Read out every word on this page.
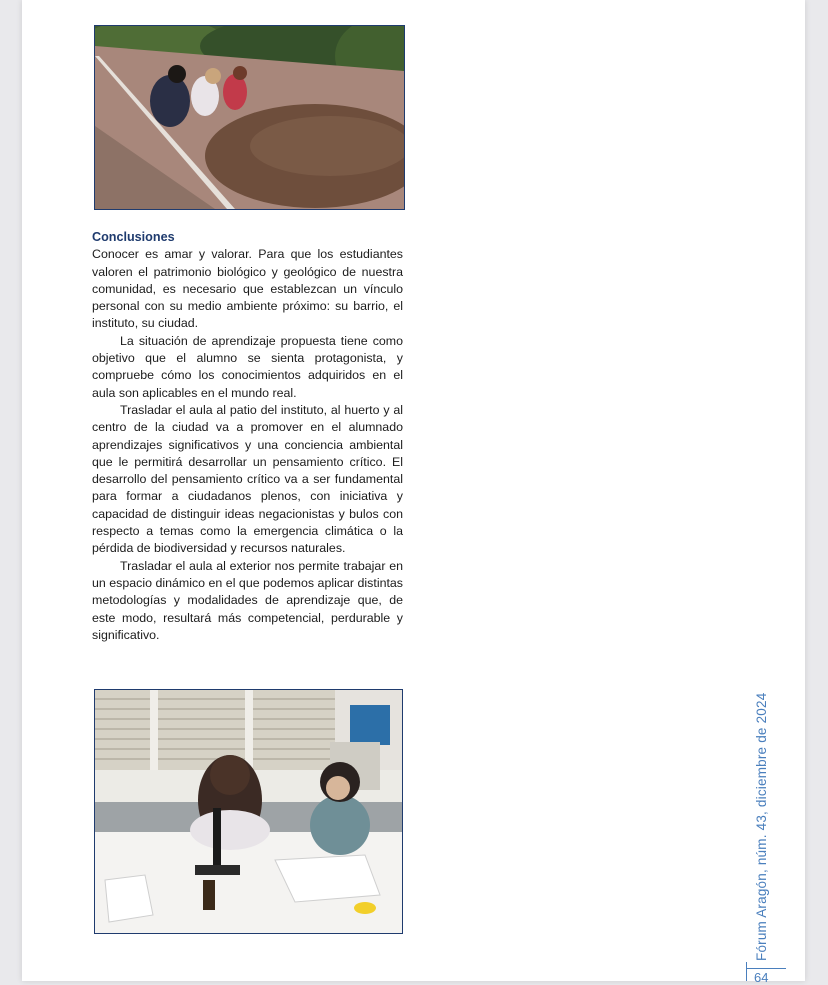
Conclusiones

Conocer es amar y valorar. Para que los estudiantes valoren el patrimonio biológico y geológico de nuestra comunidad, es necesario que establezcan un vínculo personal con su medio ambiente próximo: su barrio, el instituto, su ciudad.

La situación de aprendizaje propuesta tiene como objetivo que el alumno se sienta protagonista, y compruebe cómo los conocimientos adquiridos en el aula son aplicables en el mundo real.

Trasladar el aula al patio del instituto, al huerto y al centro de la ciudad va a promover en el alumnado aprendizajes significativos y una conciencia ambiental que le permitirá desarrollar un pensamiento crítico. El desarrollo del pensamiento crítico va a ser fundamental para formar a ciudadanos plenos, con iniciativa y capacidad de distinguir ideas negacionistas y bulos con respecto a temas como la emergencia climática o la pérdida de biodiversidad y recursos naturales.

Trasladar el aula al exterior nos permite trabajar en un espacio dinámico en el que podemos aplicar distintas metodologías y modalidades de aprendizaje que, de este modo, resultará más competencial, perdurable y significativo.

Fórum Aragón, núm. 43, diciembre de 2024
64
